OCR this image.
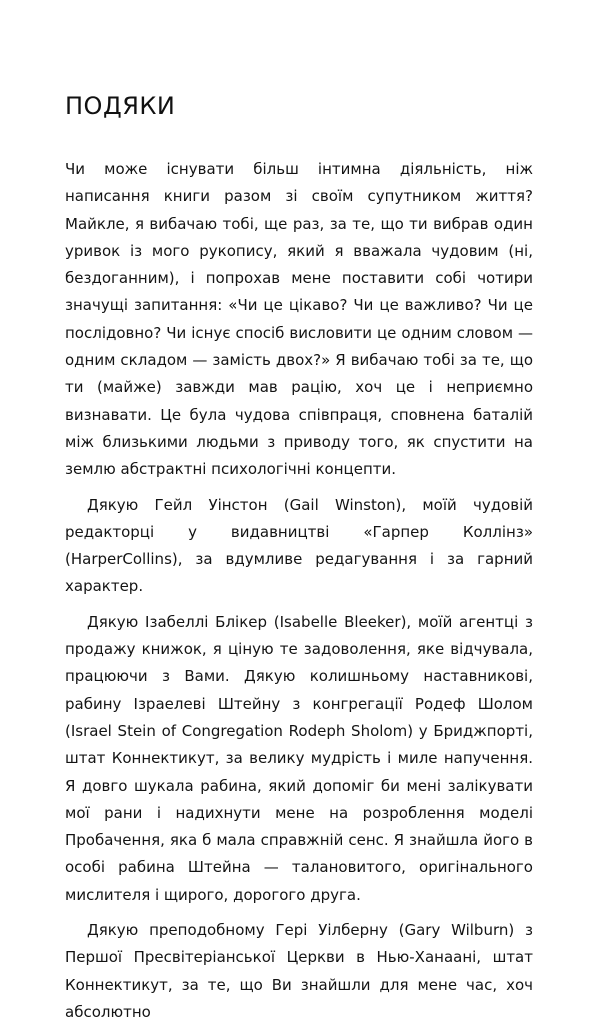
ПОДЯКИ

Чи може існувати більш інтимна діяльність, ніж написання книги разом зі своїм супутником життя? Майкле, я вибачаю тобі, ще раз, за те, що ти вибрав один уривок із мого рукопису, який я вважала чудовим (ні, бездоганним), і попрохав мене поставити собі чотири значущі запитання: «Чи це цікаво? Чи це важливо? Чи це послідовно? Чи існує спосіб висловити це одним словом — одним складом — замість двох?» Я вибачаю тобі за те, що ти (майже) завжди мав рацію, хоч це і неприємно визнавати. Це була чудова співпраця, сповнена баталій між близькими людьми з приводу того, як спустити на землю абстрактні психологічні концепти.

Дякую Гейл Уінстон (Gail Winston), моїй чудовій редакторці у видавництві «Гарпер Коллінз» (HarperCollins), за вдумливе редагування і за гарний характер.

Дякую Ізабеллі Блікер (Isabelle Bleeker), моїй агентці з продажу книжок, я ціную те задоволення, яке відчувала, працюючи з Вами. Дякую колишньому наставникові, рабину Ізраелеві Штейну з конгрегації Родеф Шолом (Israel Stein of Congregation Rodeph Sholom) у Бриджпорті, штат Коннектикут, за велику мудрість і миле напучення. Я довго шукала рабина, який допоміг би мені залікувати мої рани і надихнути мене на розроблення моделі Пробачення, яка б мала справжній сенс. Я знайшла його в особі рабина Штейна — талановитого, оригінального мислителя і щирого, дорогого друга.

Дякую преподобному Гері Уілберну (Gary Wilburn) з Першої Пресвітеріанської Церкви в Нью-Ханаані, штат Коннектикут, за те, що Ви знайшли для мене час, хоч абсолютно
